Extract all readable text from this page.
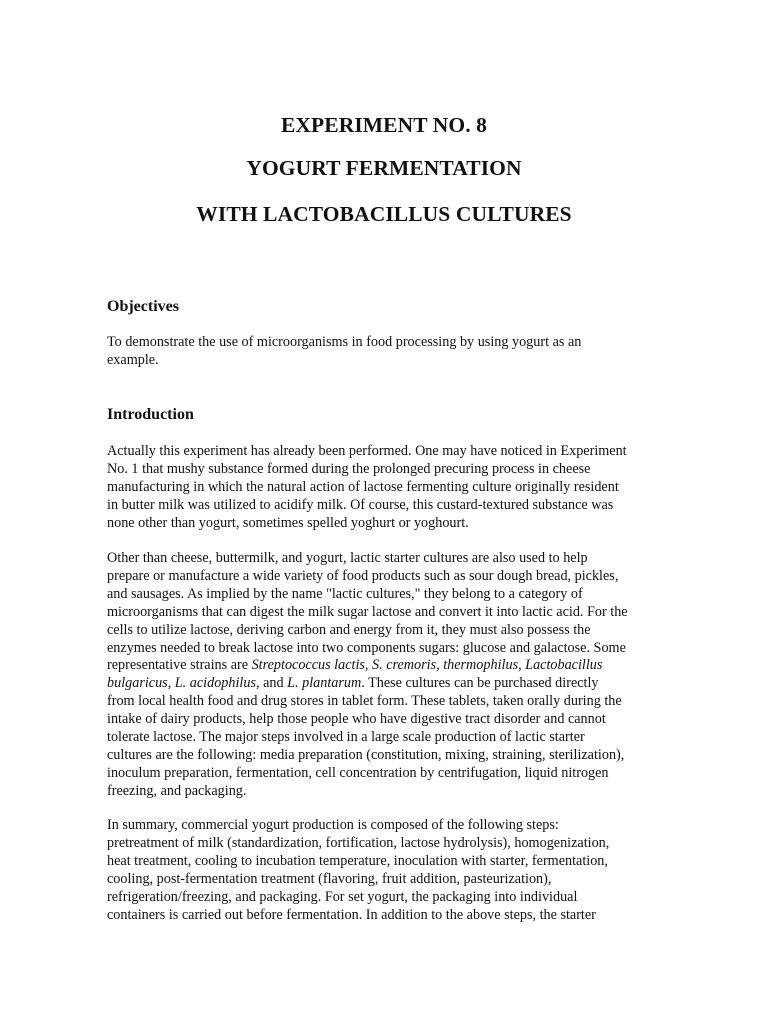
EXPERIMENT NO. 8
YOGURT FERMENTATION
WITH LACTOBACILLUS CULTURES
Objectives

To demonstrate the use of microorganisms in food processing by using yogurt as an
example.

Introduction

Actually this experiment has already been performed. One may have noticed in Experiment
No. 1 that mushy substance formed during the prolonged precuring process in cheese
manufacturing in which the natural action of lactose fermenting culture originally resident
in butter milk was utilized to acidify milk. Of course, this custard-textured substance was
none other than yogurt, sometimes spelled yoghurt or yoghourt.

Other than cheese, buttermilk, and yogurt, lactic starter cultures are also used to help
prepare or manufacture a wide variety of food products such as sour dough bread, pickles,
and sausages. As implied by the name "lactic cultures," they belong to a category of
microorganisms that can digest the milk sugar lactose and convert it into lactic acid. For the
cells to utilize lactose, deriving carbon and energy from it, they must also possess the
enzymes needed to break lactose into two components sugars: glucose and galactose. Some
representative strains are Streptococcus lactis, S. cremoris, thermophilus, Lactobacillus
bulgaricus, L. acidophilus, and L. plantarum. These cultures can be purchased directly
from local health food and drug stores in tablet form. These tablets, taken orally during the
intake of dairy products, help those people who have digestive tract disorder and cannot
tolerate lactose. The major steps involved in a large scale production of lactic starter
cultures are the following: media preparation (constitution, mixing, straining, sterilization),
inoculum preparation, fermentation, cell concentration by centrifugation, liquid nitrogen
freezing, and packaging.

In summary, commercial yogurt production is composed of the following steps:
pretreatment of milk (standardization, fortification, lactose hydrolysis), homogenization,
heat treatment, cooling to incubation temperature, inoculation with starter, fermentation,
cooling, post-fermentation treatment (flavoring, fruit addition, pasteurization),
refrigeration/freezing, and packaging. For set yogurt, the packaging into individual
containers is carried out before fermentation. In addition to the above steps, the starter
